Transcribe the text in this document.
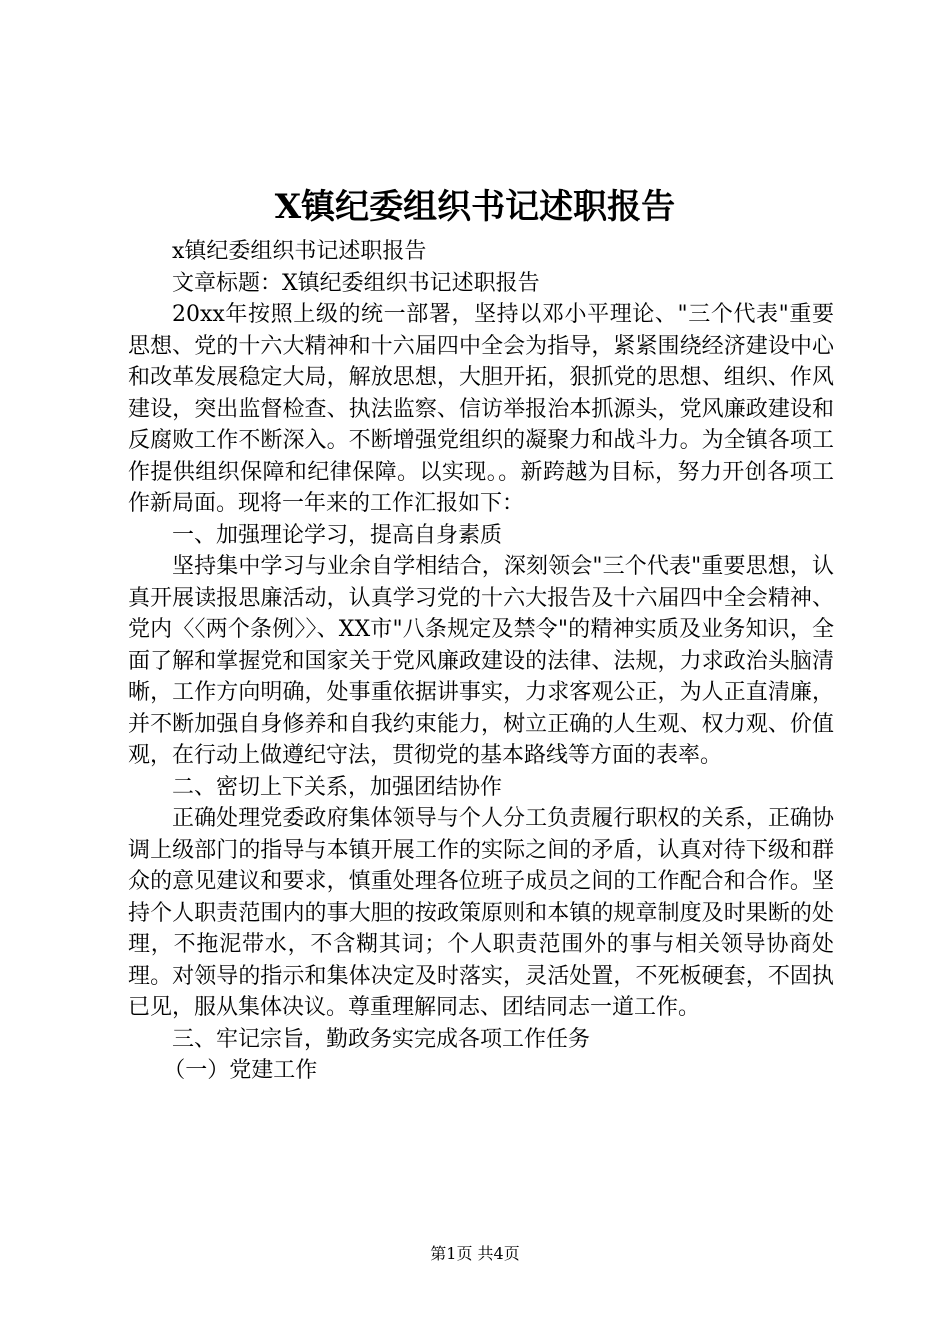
X镇纪委组织书记述职报告

x镇纪委组织书记述职报告

文章标题：X镇纪委组织书记述职报告

20xx年按照上级的统一部署，坚持以邓小平理论、"三个代表"重要思想、党的十六大精神和十六届四中全会为指导，紧紧围绕经济建设中心和改革发展稳定大局，解放思想，大胆开拓，狠抓党的思想、组织、作风建设，突出监督检查、执法监察、信访举报治本抓源头，党风廉政建设和反腐败工作不断深入。不断增强党组织的凝聚力和战斗力。为全镇各项工作提供组织保障和纪律保障。以实现。。新跨越为目标，努力开创各项工作新局面。现将一年来的工作汇报如下：

一、加强理论学习，提高自身素质

坚持集中学习与业余自学相结合，深刻领会"三个代表"重要思想，认真开展读报思廉活动，认真学习党的十六大报告及十六届四中全会精神、党内〈〈两个条例〉〉、XX市"八条规定及禁令"的精神实质及业务知识，全面了解和掌握党和国家关于党风廉政建设的法律、法规，力求政治头脑清晰，工作方向明确，处事重依据讲事实，力求客观公正，为人正直清廉，并不断加强自身修养和自我约束能力，树立正确的人生观、权力观、价值观，在行动上做遵纪守法，贯彻党的基本路线等方面的表率。

二、密切上下关系，加强团结协作

正确处理党委政府集体领导与个人分工负责履行职权的关系，正确协调上级部门的指导与本镇开展工作的实际之间的矛盾，认真对待下级和群众的意见建议和要求，慎重处理各位班子成员之间的工作配合和合作。坚持个人职责范围内的事大胆的按政策原则和本镇的规章制度及时果断的处理，不拖泥带水，不含糊其词；个人职责范围外的事与相关领导协商处理。对领导的指示和集体决定及时落实，灵活处置，不死板硬套，不固执已见，服从集体决议。尊重理解同志、团结同志一道工作。

三、牢记宗旨，勤政务实完成各项工作任务

（一）党建工作

第1页 共4页
